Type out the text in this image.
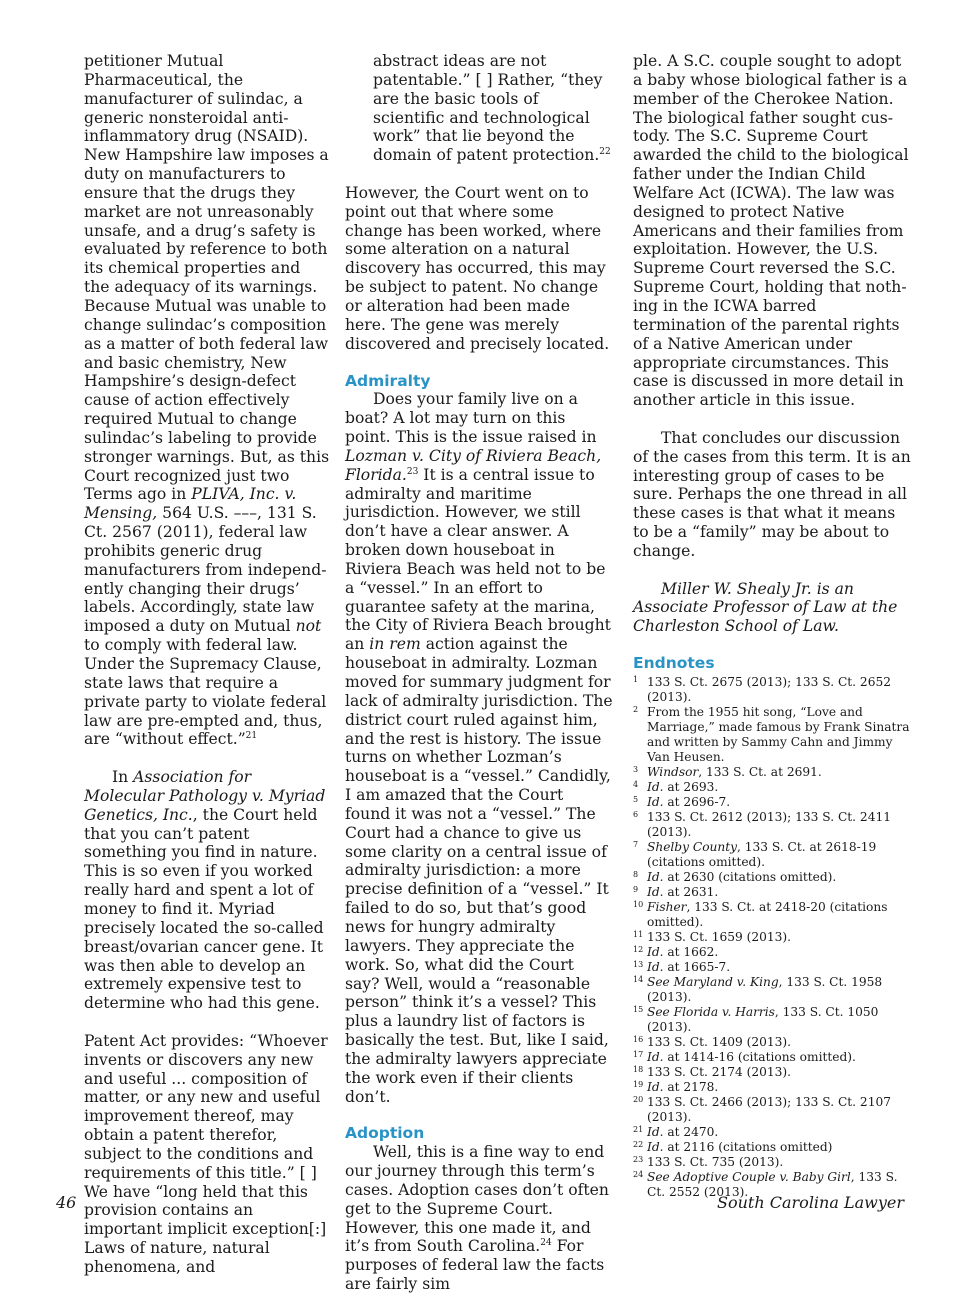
petitioner Mutual Pharmaceutical, the manufacturer of sulindac, a generic nonsteroidal anti-inflammatory drug (NSAID). New Hampshire law imposes a duty on manufacturers to ensure that the drugs they market are not unreasonably unsafe, and a drug’s safety is evaluated by reference to both its chemical properties and the adequacy of its warnings. Because Mutual was unable to change sulindac’s composition as a matter of both federal law and basic chemistry, New Hampshire’s design-defect cause of action effectively required Mutual to change sulindac’s labeling to provide stronger warnings. But, as this Court recognized just two Terms ago in PLIVA, Inc. v. Mensing, 564 U.S. –––, 131 S. Ct. 2567 (2011), federal law prohibits generic drug manufacturers from independently changing their drugs’ labels. Accordingly, state law imposed a duty on Mutual not to comply with federal law. Under the Supremacy Clause, state laws that require a private party to violate federal law are pre-empted and, thus, are “without effect.”$^{21}$

In Association for Molecular Pathology v. Myriad Genetics, Inc., the Court held that you can’t patent something you find in nature. This is so even if you worked really hard and spent a lot of money to find it. Myriad precisely located the so-called breast/ovarian cancer gene. It was then able to develop an extremely expensive test to determine who had this gene.

Patent Act provides: “Whoever invents or discovers any new and useful ... composition of matter, or any new and useful improvement thereof, may obtain a patent therefor, subject to the conditions and requirements of this title.” [ ]

We have “long held that this provision contains an important implicit exception[:] Laws of nature, natural phenomena, and

abstract ideas are not patentable.” [ ] Rather, “they are the basic tools of scientific and technological work” that lie beyond the domain of patent protection.$^{22}$

However, the Court went on to point out that where some change has been worked, where some alteration on a natural discovery has occurred, this may be subject to patent. No change or alteration had been made here. The gene was merely discovered and precisely located.

Admiralty

Does your family live on a boat? A lot may turn on this point. This is the issue raised in Lozman v. City of Riviera Beach, Florida.$^{23}$ It is a central issue to admiralty and maritime jurisdiction. However, we still don’t have a clear answer. A broken down houseboat in Riviera Beach was held not to be a “vessel.” In an effort to guarantee safety at the marina, the City of Riviera Beach brought an in rem action against the houseboat in admiralty. Lozman moved for summary judgment for lack of admiralty jurisdiction. The district court ruled against him, and the rest is history. The issue turns on whether Lozman’s houseboat is a “vessel.” Candidly, I am amazed that the Court found it was not a “vessel.” The Court had a chance to give us some clarity on a central issue of admiralty jurisdiction: a more precise definition of a “vessel.” It failed to do so, but that’s good news for hungry admiralty lawyers. They appreciate the work. So, what did the Court say? Well, would a “reasonable person” think it’s a vessel? This plus a laundry list of factors is basically the test. But, like I said, the admiralty lawyers appreciate the work even if their clients don’t.

Adoption

Well, this is a fine way to end our journey through this term’s cases. Adoption cases don’t often get to the Supreme Court. However, this one made it, and it’s from South Carolina.$^{24}$ For purposes of federal law the facts are fairly sim

ple. A S.C. couple sought to adopt a baby whose biological father is a member of the Cherokee Nation. The biological father sought custody. The S.C. Supreme Court awarded the child to the biological father under the Indian Child Welfare Act (ICWA). The law was designed to protect Native Americans and their families from exploitation. However, the U.S. Supreme Court reversed the S.C. Supreme Court, holding that nothing in the ICWA barred termination of the parental rights of a Native American under appropriate circumstances. This case is discussed in more detail in another article in this issue.

That concludes our discussion of the cases from this term. It is an interesting group of cases to be sure. Perhaps the one thread in all these cases is that what it means to be a “family” may be about to change.

Miller W. Shealy Jr. is an Associate Professor of Law at the Charleston School of Law.

Endnotes
1 133 S. Ct. 2675 (2013); 133 S. Ct. 2652 (2013).
2 From the 1955 hit song, “Love and Marriage,” made famous by Frank Sinatra and written by Sammy Cahn and Jimmy Van Heusen.
3 Windsor, 133 S. Ct. at 2691.
4 Id. at 2693.
5 Id. at 2696-7.
6 133 S. Ct. 2612 (2013); 133 S. Ct. 2411 (2013).
7 Shelby County, 133 S. Ct. at 2618-19 (citations omitted).
8 Id. at 2630 (citations omitted).
9 Id. at 2631.
10 Fisher, 133 S. Ct. at 2418-20 (citations omitted).
11 133 S. Ct. 1659 (2013).
12 Id. at 1662.
13 Id. at 1665-7.
14 See Maryland v. King, 133 S. Ct. 1958 (2013).
15 See Florida v. Harris, 133 S. Ct. 1050 (2013).
16 133 S. Ct. 1409 (2013).
17 Id. at 1414-16 (citations omitted).
18 133 S. Ct. 2174 (2013).
19 Id. at 2178.
20 133 S. Ct. 2466 (2013); 133 S. Ct. 2107 (2013).
21 Id. at 2470.
22 Id. at 2116 (citations omitted)
23 133 S. Ct. 735 (2013).
24 See Adoptive Couple v. Baby Girl, 133 S. Ct. 2552 (2013).
46	South Carolina Lawyer
